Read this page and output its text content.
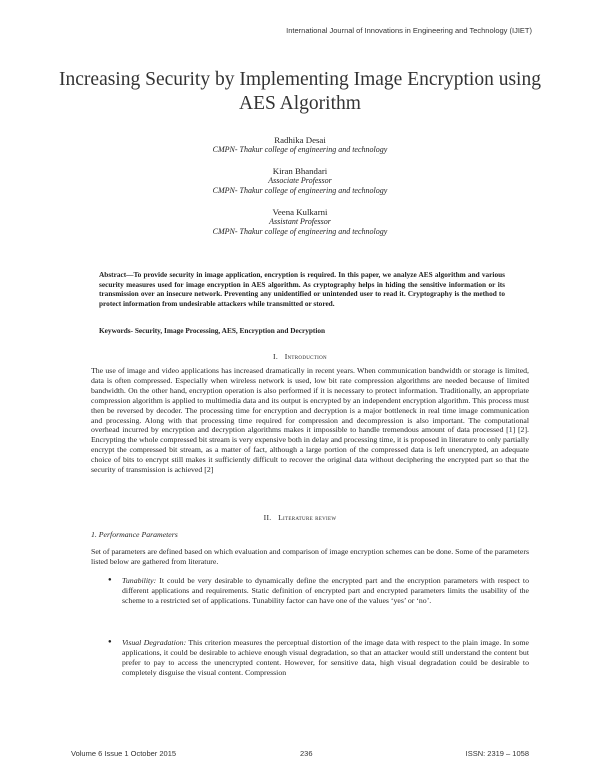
International Journal of Innovations in Engineering and Technology (IJIET)
Increasing Security by Implementing Image Encryption using AES Algorithm
Radhika Desai
CMPN- Thakur college of engineering and technology
Kiran Bhandari
Associate Professor
CMPN- Thakur college of engineering and technology
Veena Kulkarni
Assistant Professor
CMPN- Thakur college of engineering and technology
Abstract—To provide security in image application, encryption is required. In this paper, we analyze AES algorithm and various security measures used for image encryption in AES algorithm. As cryptography helps in hiding the sensitive information or its transmission over an insecure network. Preventing any unidentified or unintended user to read it. Cryptography is the method to protect information from undesirable attackers while transmitted or stored.
Keywords- Security, Image Processing, AES, Encryption and Decryption
I. Introduction
The use of image and video applications has increased dramatically in recent years. When communication bandwidth or storage is limited, data is often compressed. Especially when wireless network is used, low bit rate compression algorithms are needed because of limited bandwidth. On the other hand, encryption operation is also performed if it is necessary to protect information. Traditionally, an appropriate compression algorithm is applied to multimedia data and its output is encrypted by an independent encryption algorithm. This process must then be reversed by decoder. The processing time for encryption and decryption is a major bottleneck in real time image communication and processing. Along with that processing time required for compression and decompression is also important. The computational overhead incurred by encryption and decryption algorithms makes it impossible to handle tremendous amount of data processed [1] [2]. Encrypting the whole compressed bit stream is very expensive both in delay and processing time, it is proposed in literature to only partially encrypt the compressed bit stream, as a matter of fact, although a large portion of the compressed data is left unencrypted, an adequate choice of bits to encrypt still makes it sufficiently difficult to recover the original data without deciphering the encrypted part so that the security of transmission is achieved [2]
II. Literature review
1. Performance Parameters
Set of parameters are defined based on which evaluation and comparison of image encryption schemes can be done. Some of the parameters listed below are gathered from literature.
●	Tunability: It could be very desirable to dynamically define the encrypted part and the encryption parameters with respect to different applications and requirements. Static definition of encrypted part and encrypted parameters limits the usability of the scheme to a restricted set of applications. Tunability factor can have one of the values ‘yes’ or ‘no’.
●	Visual Degradation: This criterion measures the perceptual distortion of the image data with respect to the plain image. In some applications, it could be desirable to achieve enough visual degradation, so that an attacker would still understand the content but prefer to pay to access the unencrypted content. However, for sensitive data, high visual degradation could be desirable to completely disguise the visual content. Compression
Volume 6 Issue 1 October 2015	236	ISSN: 2319 – 1058
